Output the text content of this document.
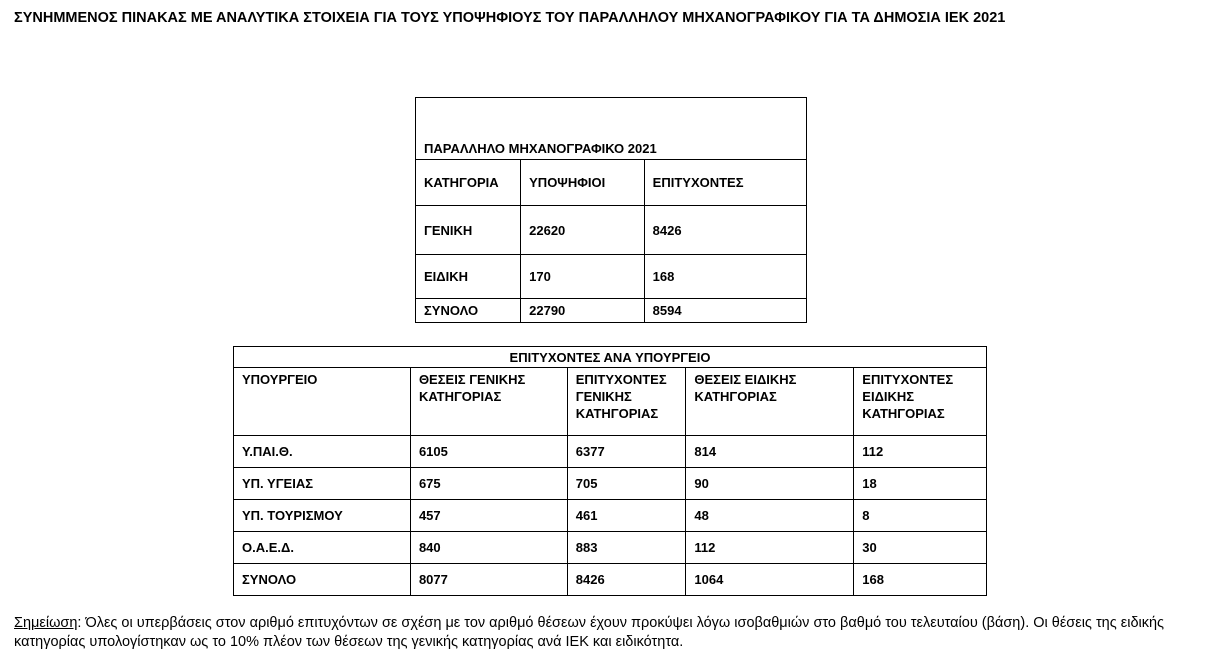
ΣΥΝΗΜΜΕΝΟΣ ΠΙΝΑΚΑΣ ΜΕ ΑΝΑΛΥΤΙΚΑ ΣΤΟΙΧΕΙΑ ΓΙΑ ΤΟΥΣ ΥΠΟΨΗΦΙΟΥΣ ΤΟΥ ΠΑΡΑΛΛΗΛΟΥ ΜΗΧΑΝΟΓΡΑΦΙΚΟΥ ΓΙΑ ΤΑ ΔΗΜΟΣΙΑ ΙΕΚ 2021
ΠΑΡΑΛΛΗΛΟ ΜΗΧΑΝΟΓΡΑΦΙΚΟ 2021		
ΚΑΤΗΓΟΡΙΑ	ΥΠΟΨΗΦΙΟΙ	ΕΠΙΤΥΧΟΝΤΕΣ
ΓΕΝΙΚΗ	22620	8426
ΕΙΔΙΚΗ	170	168
ΣΥΝΟΛΟ	22790	8594
ΕΠΙΤΥΧΟΝΤΕΣ ΑΝΑ ΥΠΟΥΡΓΕΙΟ				
ΥΠΟΥΡΓΕΙΟ	ΘΕΣΕΙΣ ΓΕΝΙΚΗΣ ΚΑΤΗΓΟΡΙΑΣ	ΕΠΙΤΥΧΟΝΤΕΣ ΓΕΝΙΚΗΣ ΚΑΤΗΓΟΡΙΑΣ	ΘΕΣΕΙΣ ΕΙΔΙΚΗΣ ΚΑΤΗΓΟΡΙΑΣ	ΕΠΙΤΥΧΟΝΤΕΣ ΕΙΔΙΚΗΣ ΚΑΤΗΓΟΡΙΑΣ
Υ.ΠΑΙ.Θ.	6105	6377	814	112
ΥΠ. ΥΓΕΙΑΣ	675	705	90	18
ΥΠ. ΤΟΥΡΙΣΜΟΥ	457	461	48	8
Ο.Α.Ε.Δ.	840	883	112	30
ΣΥΝΟΛΟ	8077	8426	1064	168
Σημείωση: Όλες οι υπερβάσεις στον αριθμό επιτυχόντων σε σχέση με τον αριθμό θέσεων έχουν προκύψει λόγω ισοβαθμιών στο βαθμό του τελευταίου (βάση). Οι θέσεις της ειδικής κατηγορίας υπολογίστηκαν ως το 10% πλέον των θέσεων της γενικής κατηγορίας ανά ΙΕΚ και ειδικότητα.
